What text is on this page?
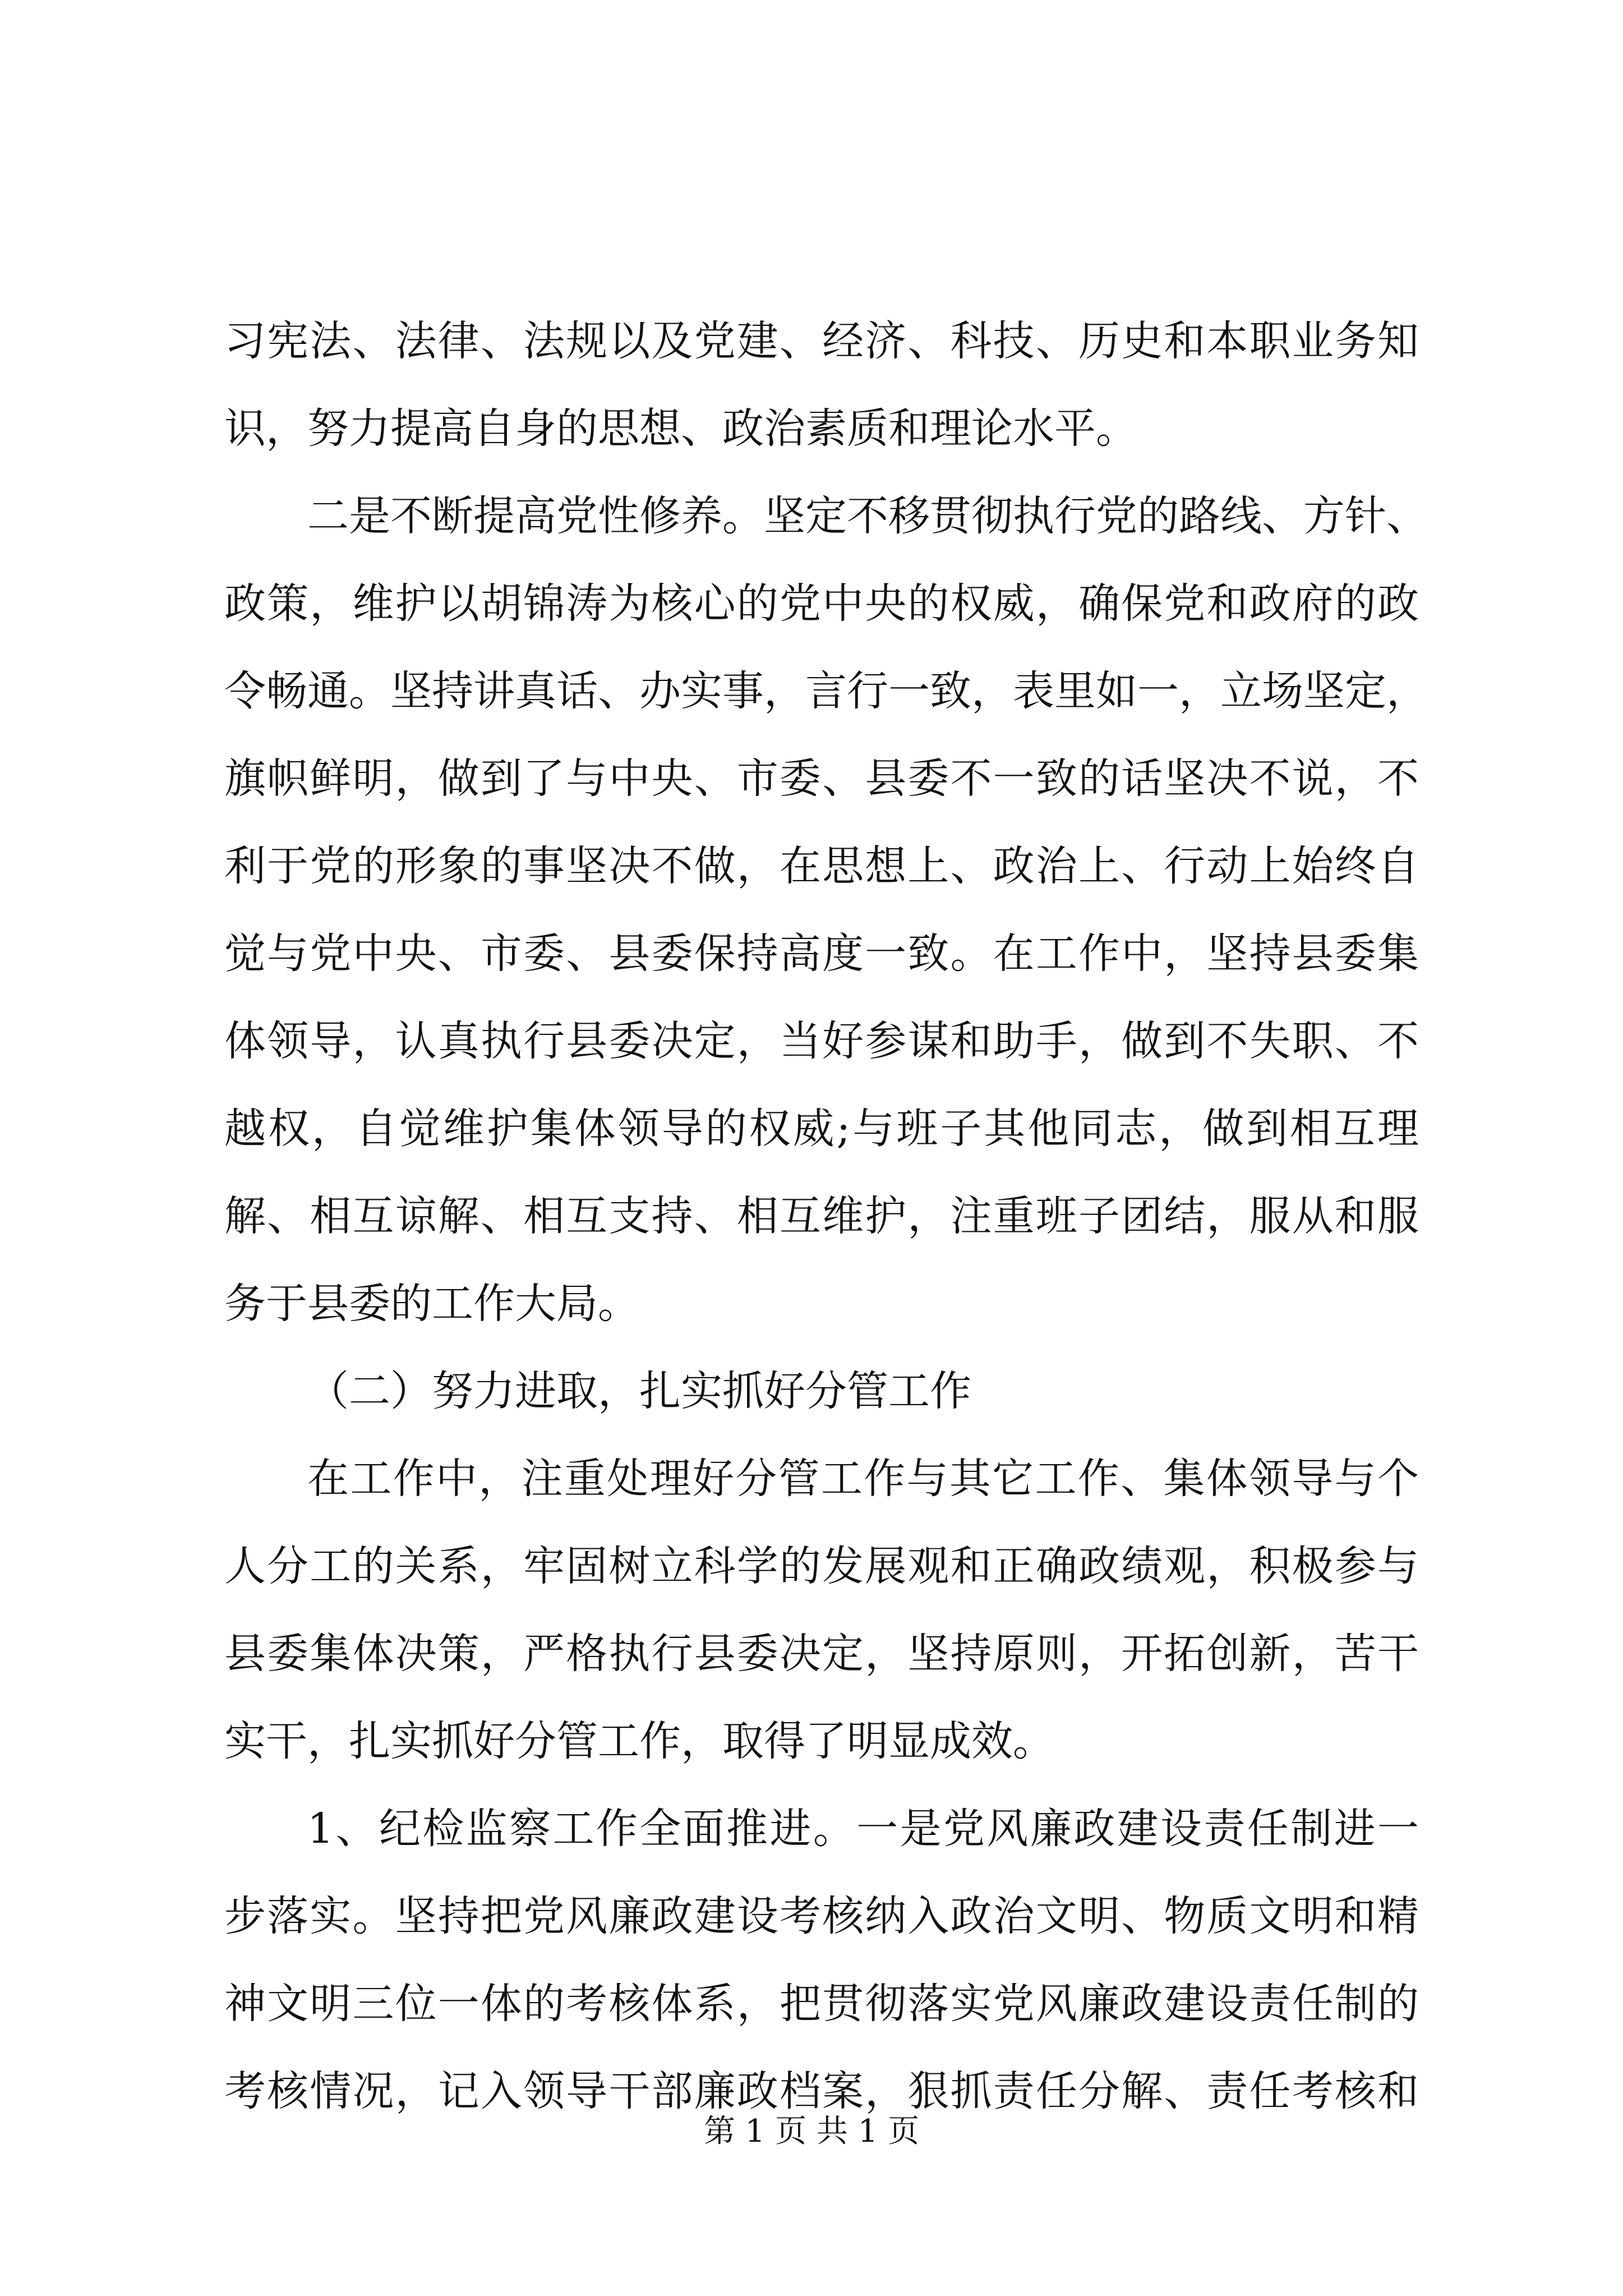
习宪法、法律、法规以及党建、经济、科技、历史和本职业务知
识，努力提高自身的思想、政治素质和理论水平。
二是不断提高党性修养。坚定不移贯彻执行党的路线、方针、
政策，维护以胡锦涛为核心的党中央的权威，确保党和政府的政
令畅通。坚持讲真话、办实事，言行一致，表里如一，立场坚定，
旗帜鲜明，做到了与中央、市委、县委不一致的话坚决不说，不
利于党的形象的事坚决不做，在思想上、政治上、行动上始终自
觉与党中央、市委、县委保持高度一致。在工作中，坚持县委集
体领导，认真执行县委决定，当好参谋和助手，做到不失职、不
越权，自觉维护集体领导的权威;与班子其他同志，做到相互理
解、相互谅解、相互支持、相互维护，注重班子团结，服从和服
务于县委的工作大局。
（二）努力进取，扎实抓好分管工作
在工作中，注重处理好分管工作与其它工作、集体领导与个
人分工的关系，牢固树立科学的发展观和正确政绩观，积极参与
县委集体决策，严格执行县委决定，坚持原则，开拓创新，苦干
实干，扎实抓好分管工作，取得了明显成效。
1、纪检监察工作全面推进。一是党风廉政建设责任制进一
步落实。坚持把党风廉政建设考核纳入政治文明、物质文明和精
神文明三位一体的考核体系，把贯彻落实党风廉政建设责任制的
考核情况，记入领导干部廉政档案，狠抓责任分解、责任考核和
第 1 页 共 1 页
